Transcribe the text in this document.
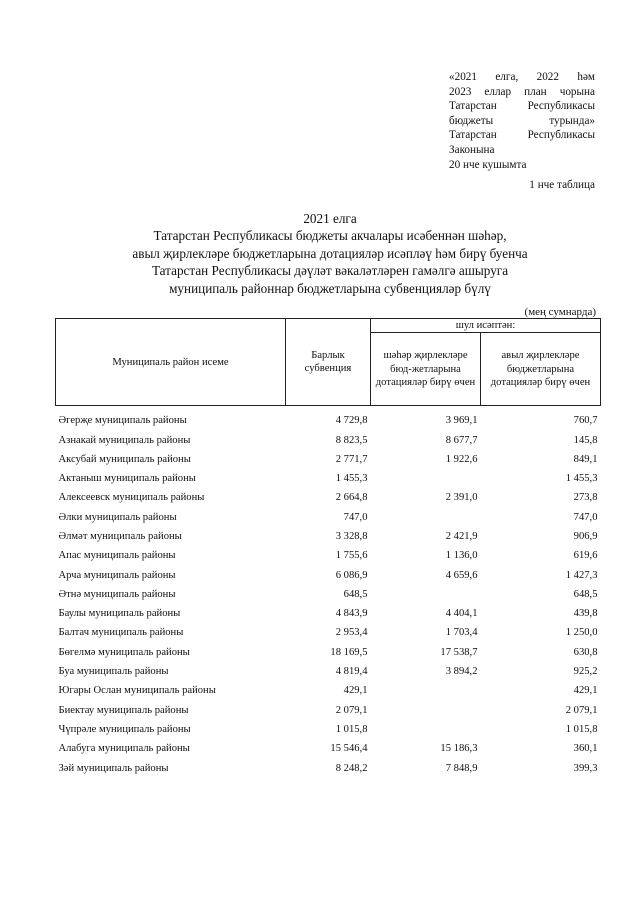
«2021 елга, 2022 һәм
2023 еллар план чорына
Татарстан Республикасы
бюджеты турында»
Татарстан Республикасы
Законына
20 нче кушымта
1 нче таблица
2021 елга
Татарстан Республикасы бюджеты акчалары исәбеннән шәһәр,
авыл җирлекләре бюджетларына дотацияләр исәпләү һәм бирү буенча
Татарстан Республикасы дәүләт вәкаләтләрен гамәлгә ашыруга
муниципаль районнар бюджетларына субвенцияләр бүлү
(мең сумнарда)
Муниципаль район исеме	Барлык субвенция	шул исәптән:	
		шәһәр җирлекләре бюд-жетларына дотацияләр бирү өчен	авыл җирлекләре бюджетларына дотацияләр бирү өчен

Әгерҗе муниципаль районы	4 729,8	3 969,1	760,7
Азнакай муниципаль районы	8 823,5	8 677,7	145,8
Аксубай муниципаль районы	2 771,7	1 922,6	849,1
Актаныш муниципаль районы	1 455,3		1 455,3
Алексеевск муниципаль районы	2 664,8	2 391,0	273,8
Әлки муниципаль районы	747,0		747,0
Әлмәт муниципаль районы	3 328,8	2 421,9	906,9
Апас муниципаль районы	1 755,6	1 136,0	619,6
Арча муниципаль районы	6 086,9	4 659,6	1 427,3
Әтнә муниципаль районы	648,5		648,5
Баулы муниципаль районы	4 843,9	4 404,1	439,8
Балтач муниципаль районы	2 953,4	1 703,4	1 250,0
Бөгелмә муниципаль районы	18 169,5	17 538,7	630,8
Буа муниципаль районы	4 819,4	3 894,2	925,2
Югары Ослан муниципаль районы	429,1		429,1
Биектау муниципаль районы	2 079,1		2 079,1
Чүпрәле муниципаль районы	1 015,8		1 015,8
Алабуга муниципаль районы	15 546,4	15 186,3	360,1
Зәй муниципаль районы	8 248,2	7 848,9	399,3
